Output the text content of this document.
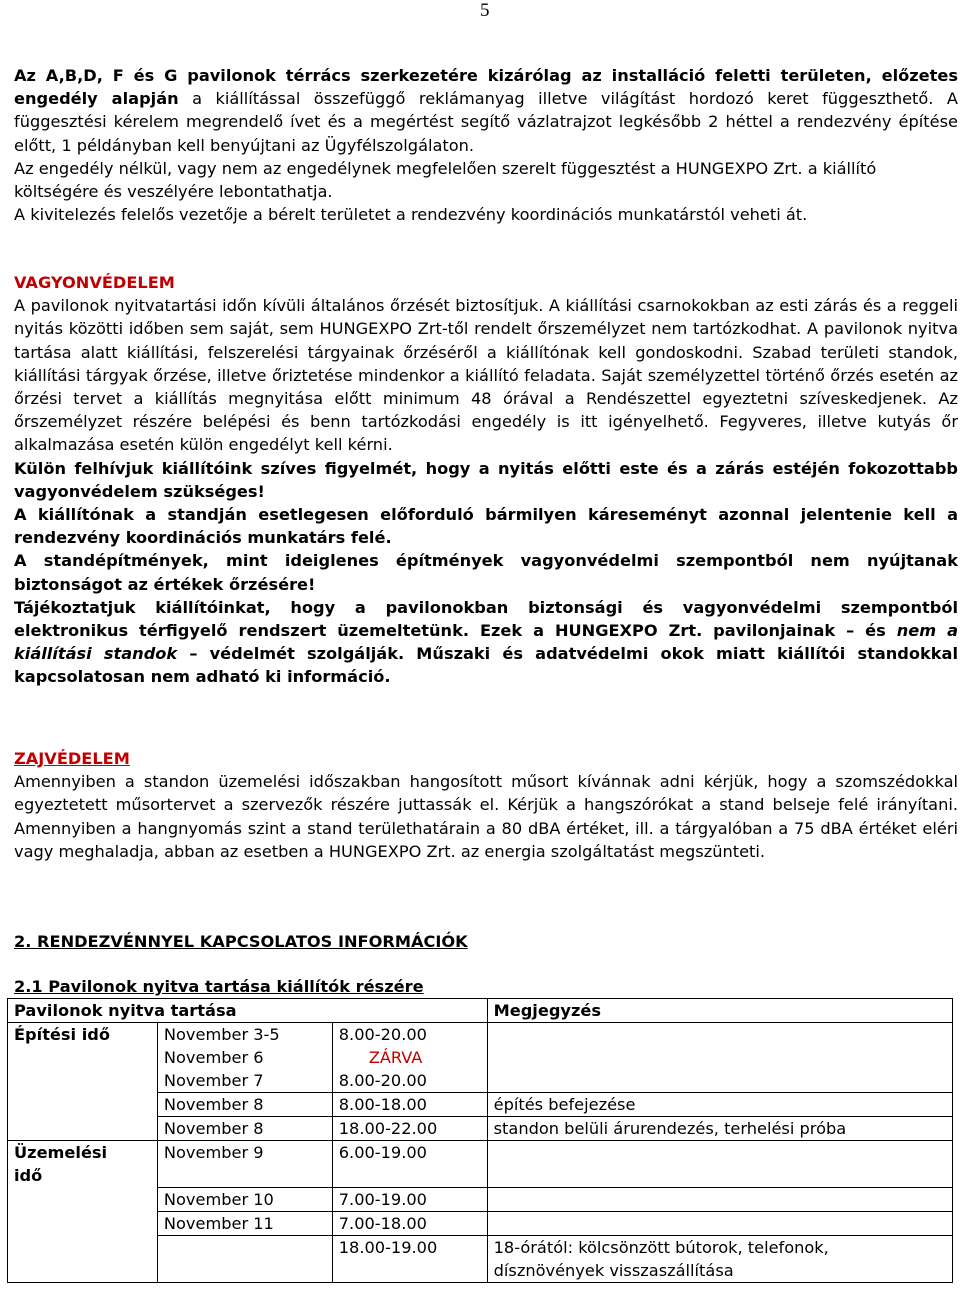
5

Az A,B,D, F és G pavilonok térrács szerkezetére kizárólag az installáció feletti területen, előzetes engedély alapján a kiállítással összefüggő reklámanyag illetve világítást hordozó keret függeszthető. A függesztési kérelem megrendelő ívet és a megértést segítő vázlatrajzot legkésőbb 2 héttel a rendezvény építése előtt, 1 példányban kell benyújtani az Ügyfélszolgálaton.

Az engedély nélkül, vagy nem az engedélynek megfelelően szerelt függesztést a HUNGEXPO Zrt. a kiállító költségére és veszélyére lebontathatja.

A kivitelezés felelős vezetője a bérelt területet a rendezvény koordinációs munkatárstól veheti át.

VAGYONVÉDELEM

A pavilonok nyitvatartási időn kívüli általános őrzését biztosítjuk. A kiállítási csarnokokban az esti zárás és a reggeli nyitás közötti időben sem saját, sem HUNGEXPO Zrt-től rendelt őrszemélyzet nem tartózkodhat. A pavilonok nyitva tartása alatt kiállítási, felszerelési tárgyainak őrzéséről a kiállítónak kell gondoskodni. Szabad területi standok, kiállítási tárgyak őrzése, illetve őriztetése mindenkor a kiállító feladata. Saját személyzettel történő őrzés esetén az őrzési tervet a kiállítás megnyitása előtt minimum 48 órával a Rendészettel egyeztetni szíveskedjenek. Az őrszemélyzet részére belépési és benn tartózkodási engedély is itt igényelhető. Fegyveres, illetve kutyás őr alkalmazása esetén külön engedélyt kell kérni.

Külön felhívjuk kiállítóink szíves figyelmét, hogy a nyitás előtti este és a zárás estéjén fokozottabb vagyonvédelem szükséges!

A kiállítónak a standján esetlegesen előforduló bármilyen káreseményt azonnal jelentenie kell a rendezvény koordinációs munkatárs felé.

A standépítmények, mint ideiglenes építmények vagyonvédelmi szempontból nem nyújtanak biztonságot az értékek őrzésére!

Tájékoztatjuk kiállítóinkat, hogy a pavilonokban biztonsági és vagyonvédelmi szempontból elektronikus térfigyelő rendszert üzemeltetünk. Ezek a HUNGEXPO Zrt. pavilonjainak – és nem a kiállítási standok – védelmét szolgálják. Műszaki és adatvédelmi okok miatt kiállítói standokkal kapcsolatosan nem adható ki információ.

ZAJVÉDELEM

Amennyiben a standon üzemelési időszakban hangosított műsort kívánnak adni kérjük, hogy a szomszédokkal egyeztetett műsortervet a szervezők részére juttassák el. Kérjük a hangszórókat a stand belseje felé irányítani. Amennyiben a hangnyomás szint a stand területhatárain a 80 dBA értéket, ill. a tárgyalóban a 75 dBA értéket eléri vagy meghaladja, abban az esetben a HUNGEXPO Zrt. az energia szolgáltatást megszünteti.

2. RENDEZVÉNNYEL KAPCSOLATOS INFORMÁCIÓK
2.1 Pavilonok nyitva tartása kiállítók részére
Pavilonok nyitva tartása			Megjegyzés
Építési idő	November 3-5	8.00-20.00	
	November 6	ZÁRVA	
	November 7	8.00-20.00	
	November 8	8.00-18.00	építés befejezése
	November 8	18.00-22.00	standon belüli árurendezés, terhelési próba

Üzemelési
idő	November 9	6.00-19.00	
	November 10	7.00-19.00	
	November 11	7.00-18.00	
		18.00-19.00	18-órától: kölcsönzött bútorok, telefonok,
dísznövények visszaszállítása
